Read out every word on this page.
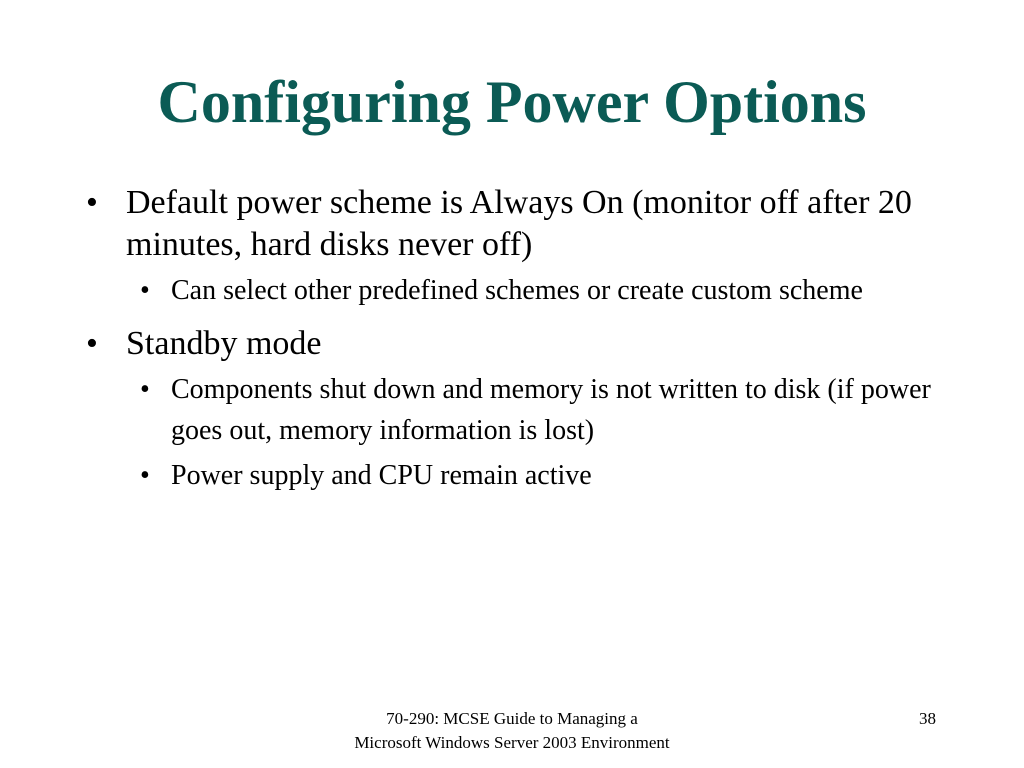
Configuring Power Options
• Default power scheme is Always On (monitor off after 20 minutes, hard disks never off)
• Can select other predefined schemes or create custom scheme
• Standby mode
• Components shut down and memory is not written to disk (if power goes out, memory information is lost)
• Power supply and CPU remain active
70-290: MCSE Guide to Managing a
Microsoft Windows Server 2003 Environment
38
